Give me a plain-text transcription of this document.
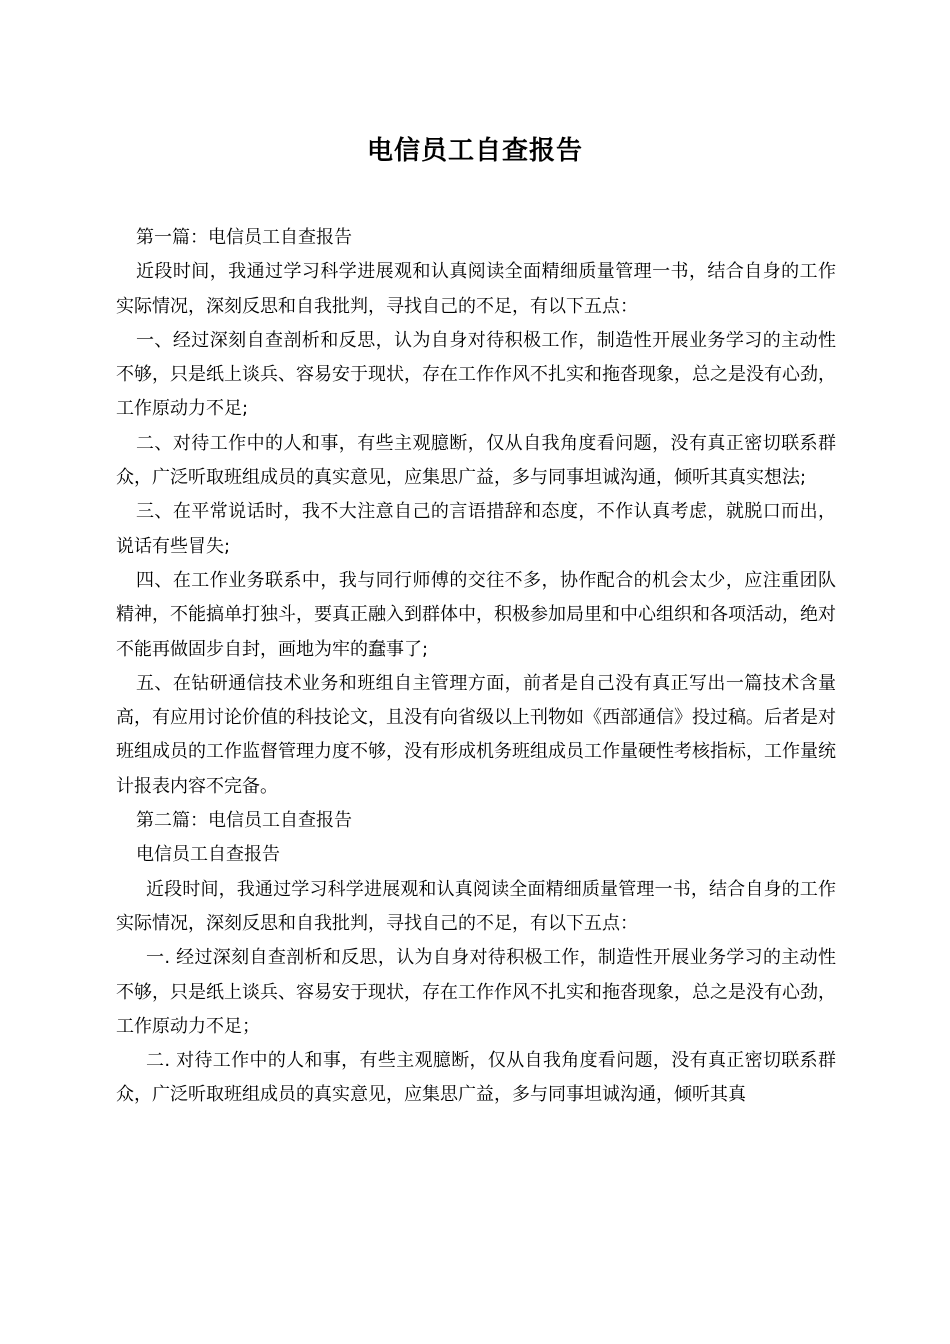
电信员工自查报告

第一篇：电信员工自查报告

近段时间，我通过学习科学进展观和认真阅读全面精细质量管理一书，结合自身的工作实际情况，深刻反思和自我批判，寻找自己的不足，有以下五点：

一、经过深刻自查剖析和反思，认为自身对待积极工作，制造性开展业务学习的主动性不够，只是纸上谈兵、容易安于现状，存在工作作风不扎实和拖沓现象，总之是没有心劲，工作原动力不足;

二、对待工作中的人和事，有些主观臆断，仅从自我角度看问题，没有真正密切联系群众，广泛听取班组成员的真实意见，应集思广益，多与同事坦诚沟通，倾听其真实想法;

三、在平常说话时，我不大注意自己的言语措辞和态度，不作认真考虑，就脱口而出，说话有些冒失;

四、在工作业务联系中，我与同行师傅的交往不多，协作配合的机会太少，应注重团队精神，不能搞单打独斗，要真正融入到群体中，积极参加局里和中心组织和各项活动，绝对不能再做固步自封，画地为牢的蠢事了;

五、在钻研通信技术业务和班组自主管理方面，前者是自己没有真正写出一篇技术含量高，有应用讨论价值的科技论文，且没有向省级以上刊物如《西部通信》投过稿。后者是对班组成员的工作监督管理力度不够，没有形成机务班组成员工作量硬性考核指标，工作量统计报表内容不完备。

第二篇：电信员工自查报告

电信员工自查报告

近段时间，我通过学习科学进展观和认真阅读全面精细质量管理一书，结合自身的工作实际情况，深刻反思和自我批判，寻找自己的不足，有以下五点：

一. 经过深刻自查剖析和反思，认为自身对待积极工作，制造性开展业务学习的主动性不够，只是纸上谈兵、容易安于现状，存在工作作风不扎实和拖沓现象，总之是没有心劲，工作原动力不足；

二. 对待工作中的人和事，有些主观臆断，仅从自我角度看问题，没有真正密切联系群众，广泛听取班组成员的真实意见，应集思广益，多与同事坦诚沟通，倾听其真
